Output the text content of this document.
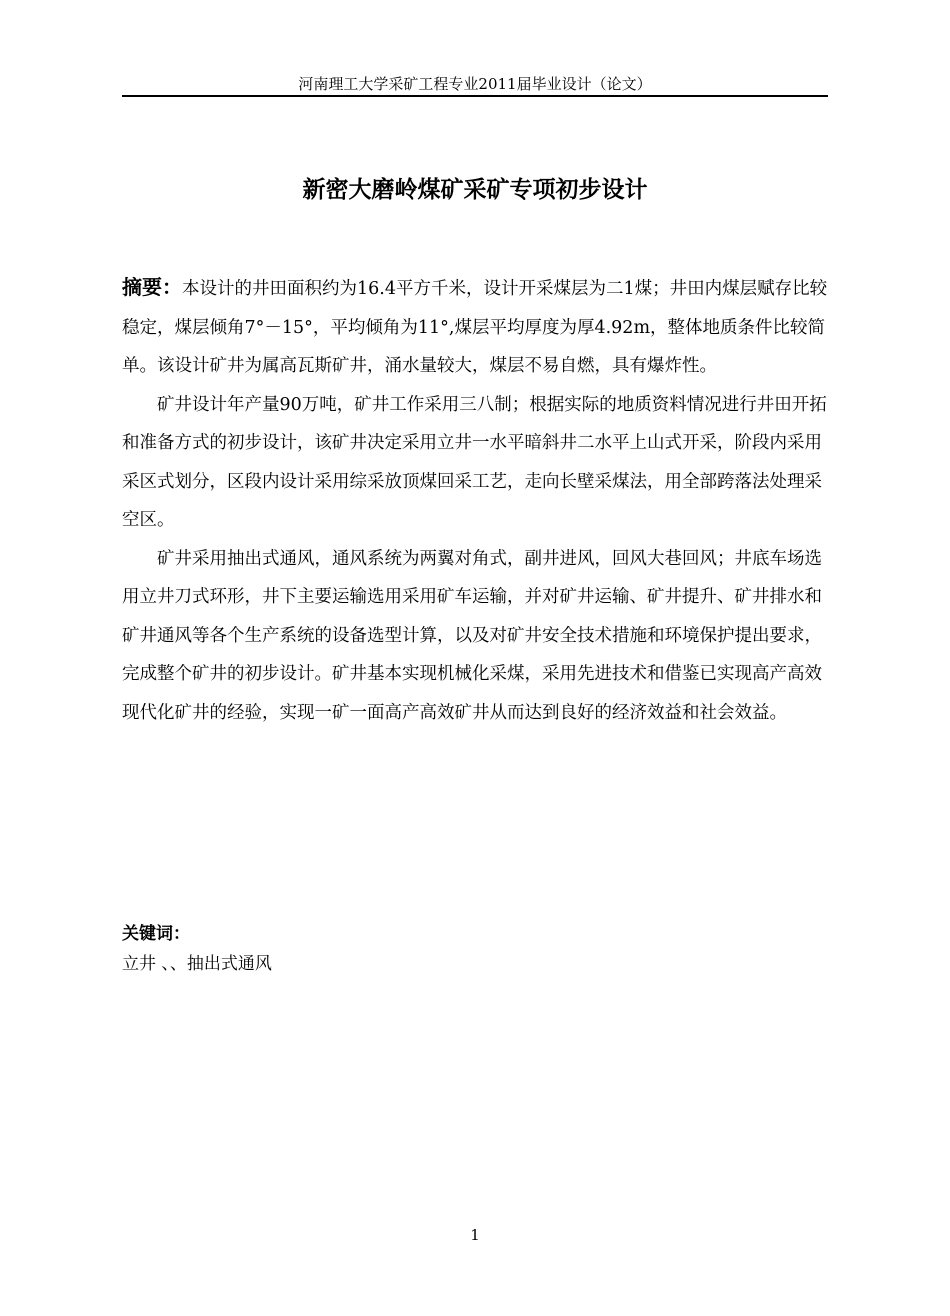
河南理工大学采矿工程专业2011届毕业设计（论文）
新密大磨岭煤矿采矿专项初步设计

摘要：本设计的井田面积约为16.4平方千米，设计开采煤层为二1煤；井田内煤层赋存比较稳定，煤层倾角7°－15°，平均倾角为11°,煤层平均厚度为厚4.92m，整体地质条件比较简单。该设计矿井为属高瓦斯矿井，涌水量较大，煤层不易自燃，具有爆炸性。

矿井设计年产量90万吨，矿井工作采用三八制；根据实际的地质资料情况进行井田开拓和准备方式的初步设计，该矿井决定采用立井一水平暗斜井二水平上山式开采，阶段内采用采区式划分，区段内设计采用综采放顶煤回采工艺，走向长壁采煤法，用全部跨落法处理采空区。

矿井采用抽出式通风，通风系统为两翼对角式，副井进风，回风大巷回风；井底车场选用立井刀式环形，井下主要运输选用采用矿车运输，并对矿井运输、矿井提升、矿井排水和矿井通风等各个生产系统的设备选型计算，以及对矿井安全技术措施和环境保护提出要求，完成整个矿井的初步设计。矿井基本实现机械化采煤，采用先进技术和借鉴已实现高产高效现代化矿井的经验，实现一矿一面高产高效矿井从而达到良好的经济效益和社会效益。

关键词：
立井 、、抽出式通风
1
